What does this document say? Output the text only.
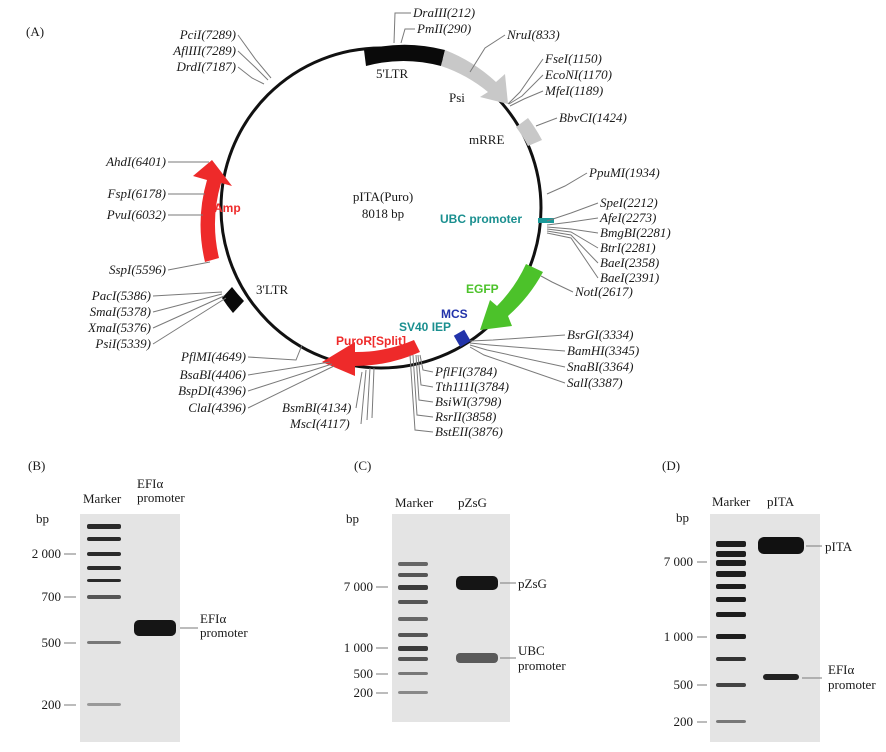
(A)
5'LTR
Psi
mRRE
UBC promoter
EGFP
MCS
SV40 IEP
PuroR[Split]
3'LTR
Amp
pITA(Puro)
8018 bp
DraIII(212)
PmII(290)	NruI(833)
FseI(1150)
EcoNI(1170)
MfeI(1189)
BbvCI(1424)
PpuMI(1934)
SpeI(2212)
AfeI(2273)
BmgBI(2281)
BtrI(2281)
BaeI(2358)
BaeI(2391)
NotI(2617)
BsrGI(3334)
BamHI(3345)
SnaBI(3364)
SalI(3387)
PflFI(3784)
Tth111I(3784)
BsiWI(3798)
RsrII(3858)
BstEII(3876)
BsmBI(4134)
MscI(4117)
PciI(7289)
AflIII(7289)
DrdI(7187)
AhdI(6401)
FspI(6178)
PvuI(6032)
SspI(5596)
PacI(5386)
SmaI(5378)
XmaI(5376)
PsiI(5339)
PflMI(4649)
BsaBI(4406)
BspDI(4396)
ClaI(4396)
(B)
Marker
EFIα
promoter
bp
2 000
700
500
200
EFIα
promoter
(C)
Marker pZsG
bp
7 000
1 000
500
200
pZsG
UBC
promoter
(D)
Marker pITA
bp
7 000
1 000
500
200
pITA
EFIα
promoter
